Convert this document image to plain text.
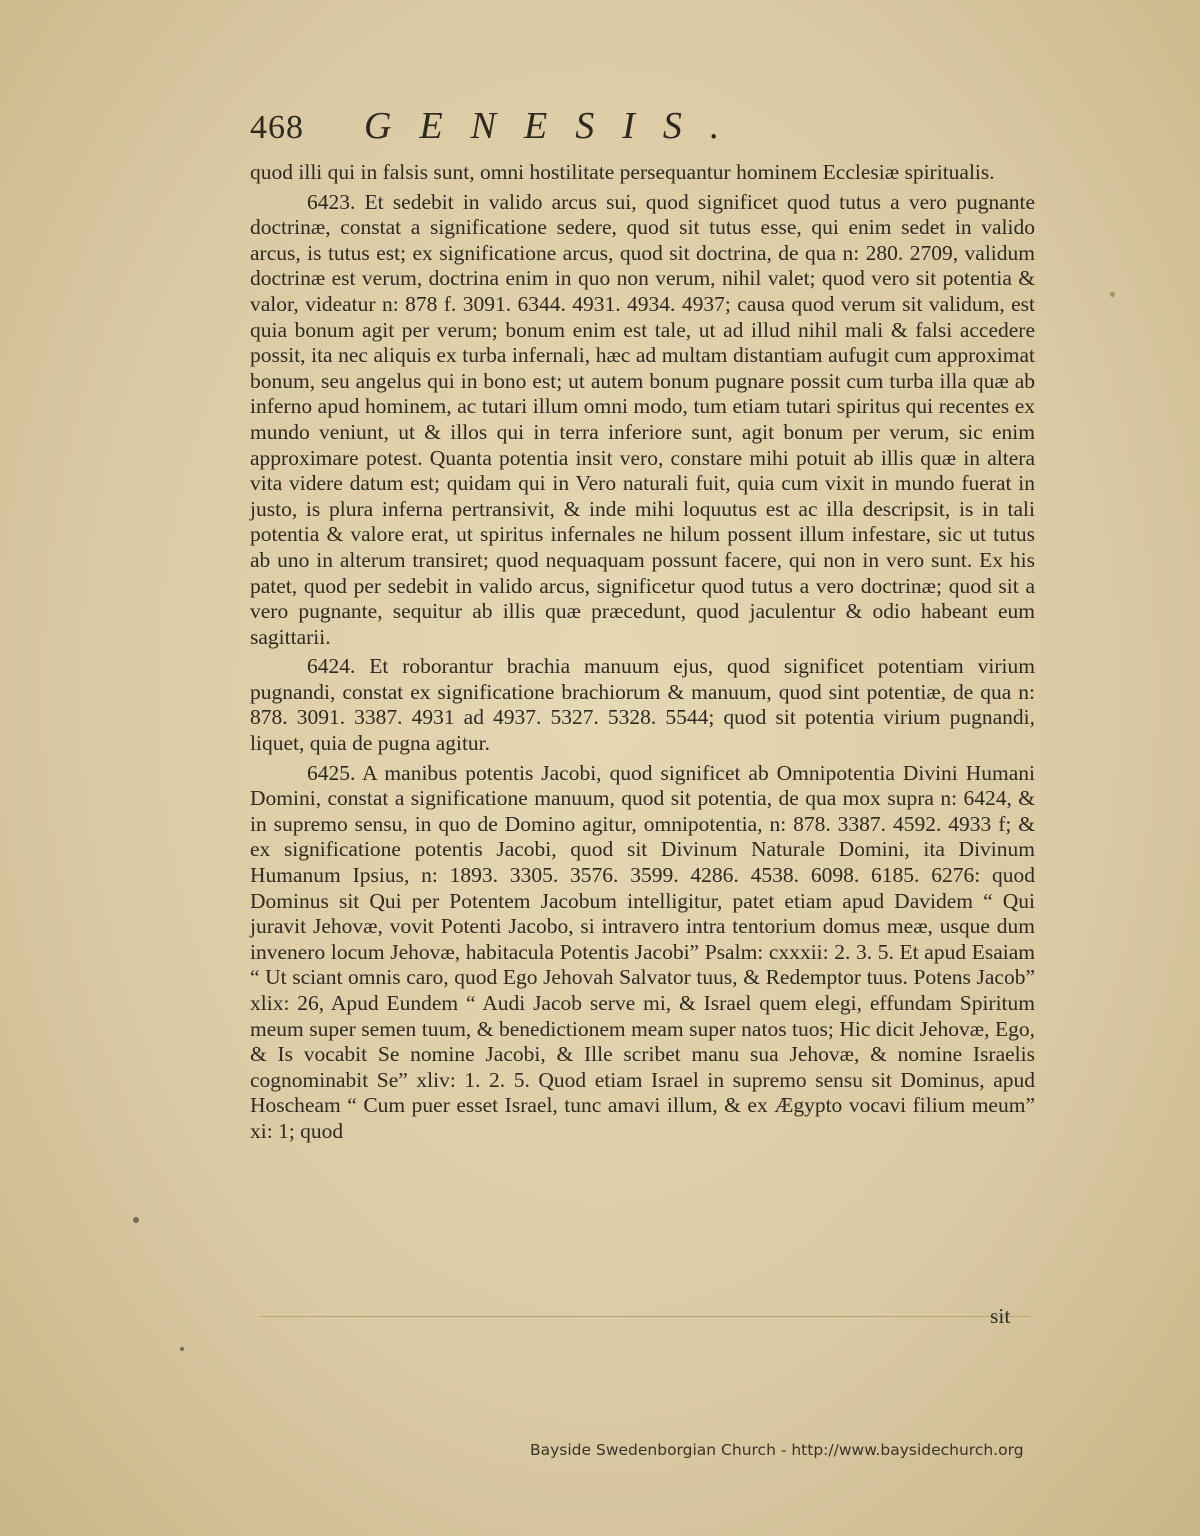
468 GENESIS.

quod illi qui in falsis sunt, omni hostilitate persequantur hominem Ecclesiæ spiritualis.

6423. Et sedebit in valido arcus sui, quod significet quod tutus a vero pugnante doctrinæ, constat a significatione sedere, quod sit tutus esse, qui enim sedet in valido arcus, is tutus est; ex significatione arcus, quod sit doctrina, de qua n: 280. 2709, validum doctrinæ est verum, doctrina enim in quo non verum, nihil valet; quod vero sit potentia & valor, videatur n: 878 f. 3091. 6344. 4931. 4934. 4937; causa quod verum sit validum, est quia bonum agit per verum; bonum enim est tale, ut ad illud nihil mali & falsi accedere possit, ita nec aliquis ex turba infernali, hæc ad multam distantiam aufugit cum approximat bonum, seu angelus qui in bono est; ut autem bonum pugnare possit cum turba illa quæ ab inferno apud hominem, ac tutari illum omni modo, tum etiam tutari spiritus qui recentes ex mundo veniunt, ut & illos qui in terra inferiore sunt, agit bonum per verum, sic enim approximare potest. Quanta potentia insit vero, constare mihi potuit ab illis quæ in altera vita videre datum est; quidam qui in Vero naturali fuit, quia cum vixit in mundo fuerat in justo, is plura inferna pertransivit, & inde mihi loquutus est ac illa descripsit, is in tali potentia & valore erat, ut spiritus infernales ne hilum possent illum infestare, sic ut tutus ab uno in alterum transiret; quod nequaquam possunt facere, qui non in vero sunt. Ex his patet, quod per sedebit in valido arcus, significetur quod tutus a vero doctrinæ; quod sit a vero pugnante, sequitur ab illis quæ præcedunt, quod jaculentur & odio habeant eum sagittarii.

6424. Et roborantur brachia manuum ejus, quod significet potentiam virium pugnandi, constat ex significatione brachiorum & manuum, quod sint potentiæ, de qua n: 878. 3091. 3387. 4931 ad 4937. 5327. 5328. 5544; quod sit potentia virium pugnandi, liquet, quia de pugna agitur.

6425. A manibus potentis Jacobi, quod significet ab Omnipotentia Divini Humani Domini, constat a significatione manuum, quod sit potentia, de qua mox supra n: 6424, & in supremo sensu, in quo de Domino agitur, omnipotentia, n: 878. 3387. 4592. 4933 f; & ex significatione potentis Jacobi, quod sit Divinum Naturale Domini, ita Divinum Humanum Ipsius, n: 1893. 3305. 3576. 3599. 4286. 4538. 6098. 6185. 6276: quod Dominus sit Qui per Potentem Jacobum intelligitur, patet etiam apud Davidem “ Qui juravit Jehovæ, vovit Potenti Jacobo, si intravero intra tentorium domus meæ, usque dum invenero locum Jehovæ, habitacula Potentis Jacobi” Psalm: cxxxii: 2. 3. 5. Et apud Esaiam “ Ut sciant omnis caro, quod Ego Jehovah Salvator tuus, & Redemptor tuus. Potens Jacob” xlix: 26, Apud Eundem “ Audi Jacob serve mi, & Israel quem elegi, effundam Spiritum meum super semen tuum, & benedictionem meam super natos tuos; Hic dicit Jehovæ, Ego, & Is vocabit Se nomine Jacobi, & Ille scribet manu sua Jehovæ, & nomine Israelis cognominabit Se” xliv: 1. 2. 5. Quod etiam Israel in supremo sensu sit Dominus, apud Hoscheam “ Cum puer esset Israel, tunc amavi illum, & ex Ægypto vocavi filium meum” xi: 1; quod

sit
Bayside Swedenborgian Church - http://www.baysidechurch.org
